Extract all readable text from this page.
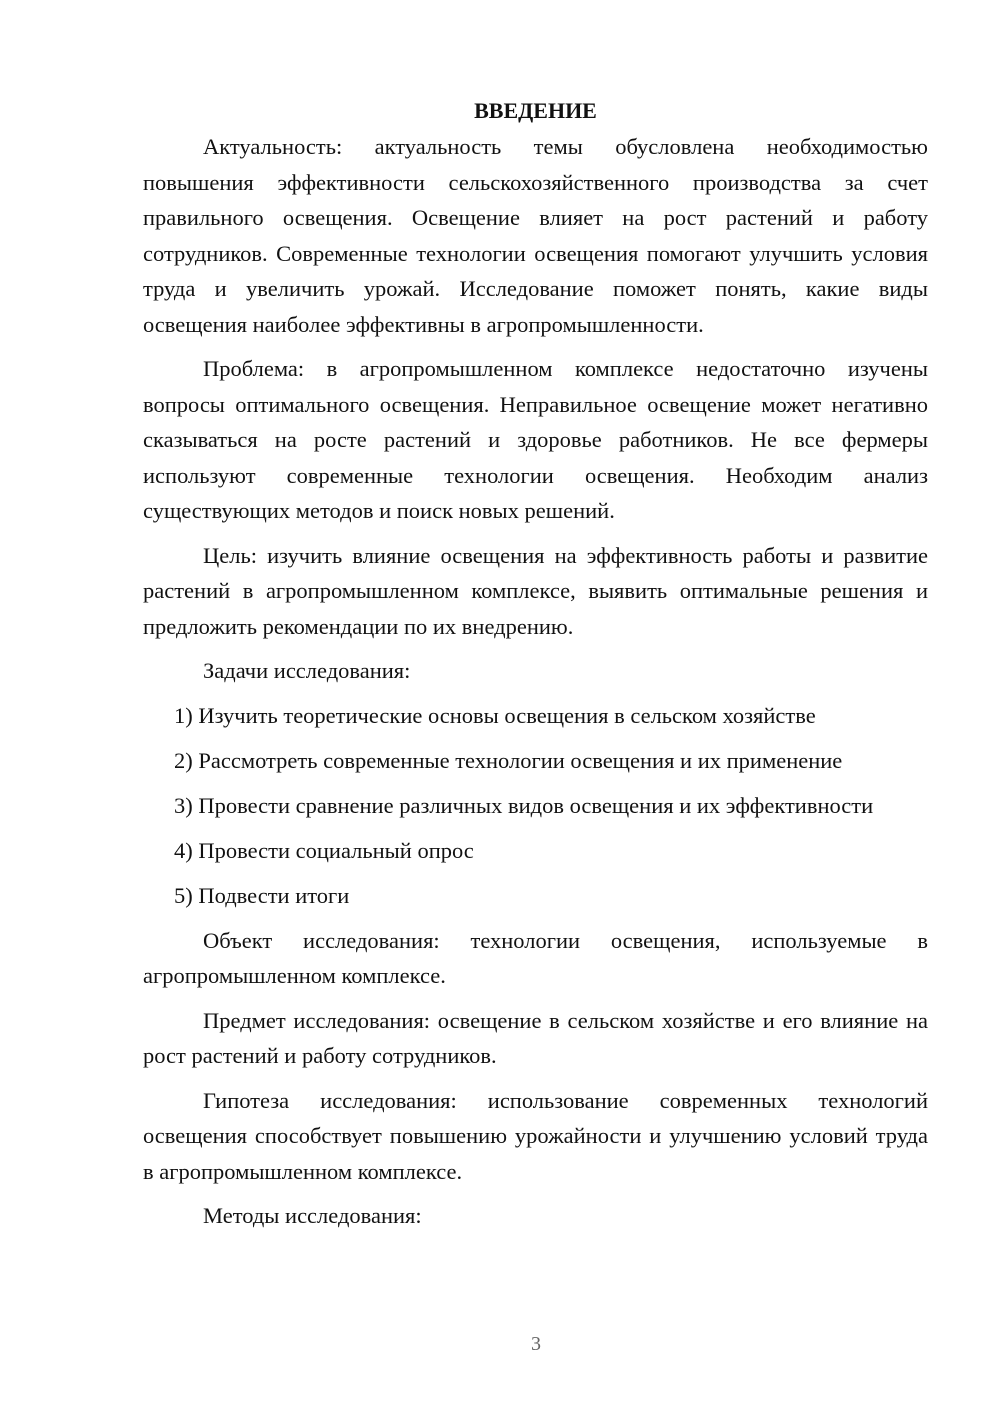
ВВЕДЕНИЕ

Актуальность: актуальность темы обусловлена необходимостью повышения эффективности сельскохозяйственного производства за счет правильного освещения. Освещение влияет на рост растений и работу сотрудников. Современные технологии освещения помогают улучшить условия труда и увеличить урожай. Исследование поможет понять, какие виды освещения наиболее эффективны в агропромышленности.

Проблема: в агропромышленном комплексе недостаточно изучены вопросы оптимального освещения. Неправильное освещение может негативно сказываться на росте растений и здоровье работников. Не все фермеры используют современные технологии освещения. Необходим анализ существующих методов и поиск новых решений.

Цель: изучить влияние освещения на эффективность работы и развитие растений в агропромышленном комплексе, выявить оптимальные решения и предложить рекомендации по их внедрению.

Задачи исследования:

1) Изучить теоретические основы освещения в сельском хозяйстве

2) Рассмотреть современные технологии освещения и их применение

3) Провести сравнение различных видов освещения и их эффективности

4) Провести социальный опрос

5) Подвести итоги

Объект исследования: технологии освещения, используемые в агропромышленном комплексе.

Предмет исследования: освещение в сельском хозяйстве и его влияние на рост растений и работу сотрудников.

Гипотеза исследования: использование современных технологий освещения способствует повышению урожайности и улучшению условий труда в агропромышленном комплексе.

Методы исследования:

3
